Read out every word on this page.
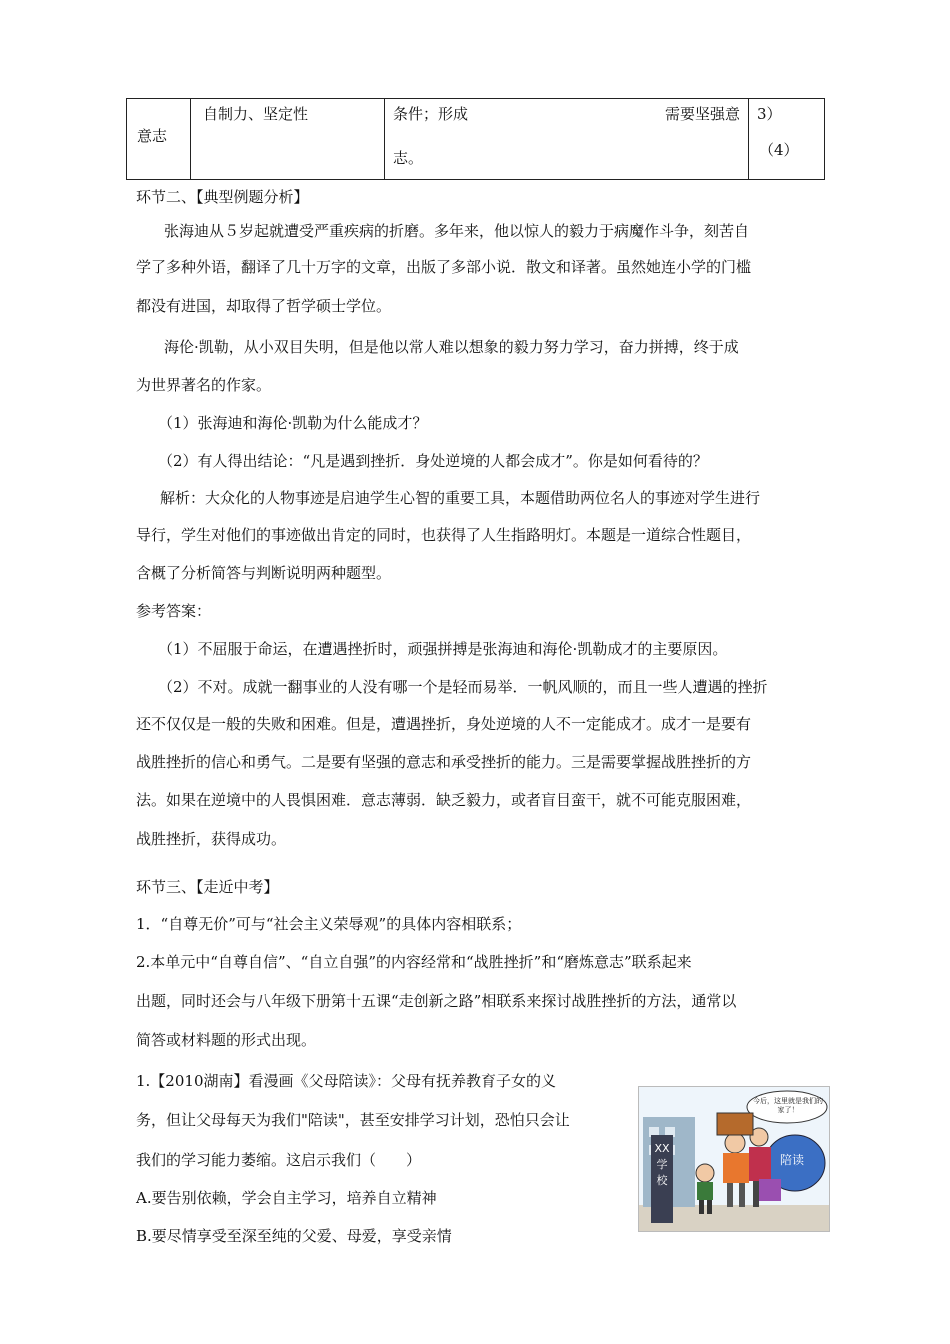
意志
自制力、坚定性	条件；形成	需要坚强意
志。
3）
（4）
环节二、【典型例题分析】
张海迪从５岁起就遭受严重疾病的折磨。多年来，他以惊人的毅力于病魔作斗争，刻苦自
学了多种外语，翻译了几十万字的文章，出版了多部小说．散文和译著。虽然她连小学的门槛
都没有进国，却取得了哲学硕士学位。
海伦·凯勒，从小双目失明，但是他以常人难以想象的毅力努力学习，奋力拼搏，终于成
为世界著名的作家。
（1）张海迪和海伦·凯勒为什么能成才？
（2）有人得出结论：“凡是遇到挫折．身处逆境的人都会成才”。你是如何看待的？
解析：大众化的人物事迹是启迪学生心智的重要工具，本题借助两位名人的事迹对学生进行
导行，学生对他们的事迹做出肯定的同时，也获得了人生指路明灯。本题是一道综合性题目，
含概了分析简答与判断说明两种题型。
参考答案：
（1）不屈服于命运，在遭遇挫折时，顽强拼搏是张海迪和海伦·凯勒成才的主要原因。
（2）不对。成就一翻事业的人没有哪一个是轻而易举．一帆风顺的，而且一些人遭遇的挫折
还不仅仅是一般的失败和困难。但是，遭遇挫折，身处逆境的人不一定能成才。成才一是要有
战胜挫折的信心和勇气。二是要有坚强的意志和承受挫折的能力。三是需要掌握战胜挫折的方
法。如果在逆境中的人畏惧困难．意志薄弱．缺乏毅力，或者盲目蛮干，就不可能克服困难，
战胜挫折，获得成功。
环节三、【走近中考】
1．“自尊无价”可与“社会主义荣辱观”的具体内容相联系；
2.本单元中“自尊自信”、“自立自强”的内容经常和“战胜挫折”和“磨炼意志”联系起来
出题，同时还会与八年级下册第十五课“走创新之路”相联系来探讨战胜挫折的方法，通常以
简答或材料题的形式出现。
1.【2010湖南】看漫画《父母陪读》：父母有抚养教育子女的义
务，但让父母每天为我们"陪读"，甚至安排学习计划，恐怕只会让
我们的学习能力萎缩。这启示我们（　　）
A.要告别依赖，学会自主学习，培养自立精神
B.要尽情享受至深至纯的父爱、母爱，享受亲情
今后，这里就是我们的家了！
XX学校
陪读
